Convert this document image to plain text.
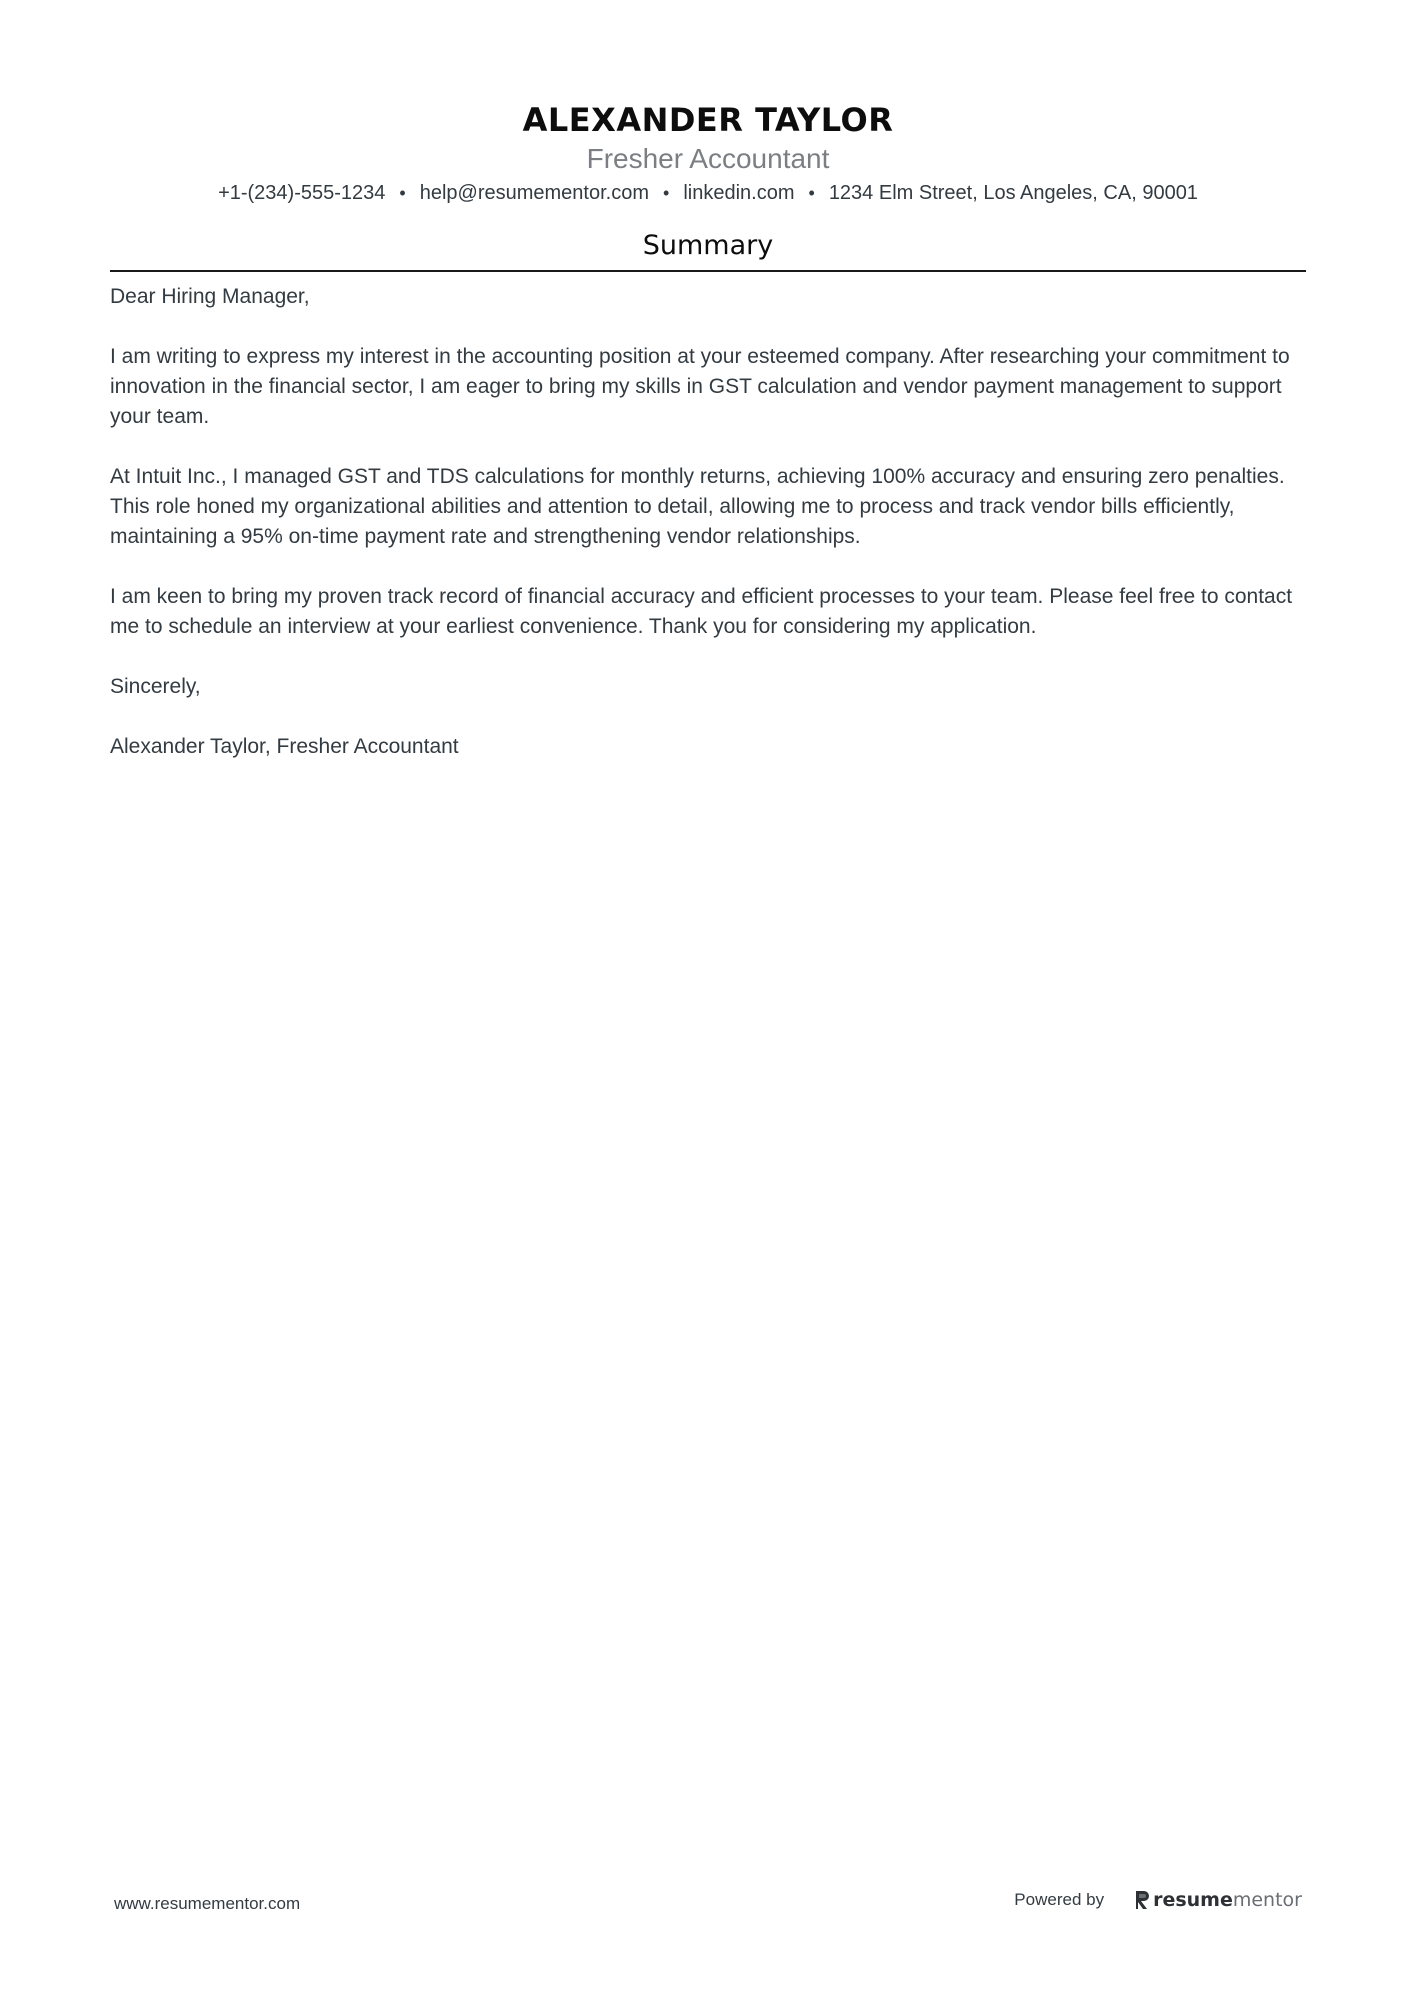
ALEXANDER TAYLOR
Fresher Accountant
+1-(234)-555-1234 • help@resumementor.com • linkedin.com • 1234 Elm Street, Los Angeles, CA, 90001
Summary

Dear Hiring Manager,

I am writing to express my interest in the accounting position at your esteemed company. After researching your commitment to innovation in the financial sector, I am eager to bring my skills in GST calculation and vendor payment management to support your team.

At Intuit Inc., I managed GST and TDS calculations for monthly returns, achieving 100% accuracy and ensuring zero penalties. This role honed my organizational abilities and attention to detail, allowing me to process and track vendor bills efficiently, maintaining a 95% on-time payment rate and strengthening vendor relationships.

I am keen to bring my proven track record of financial accuracy and efficient processes to your team. Please feel free to contact me to schedule an interview at your earliest convenience. Thank you for considering my application.

Sincerely,

Alexander Taylor, Fresher Accountant

www.resumementor.com	Powered by	resume mentor
